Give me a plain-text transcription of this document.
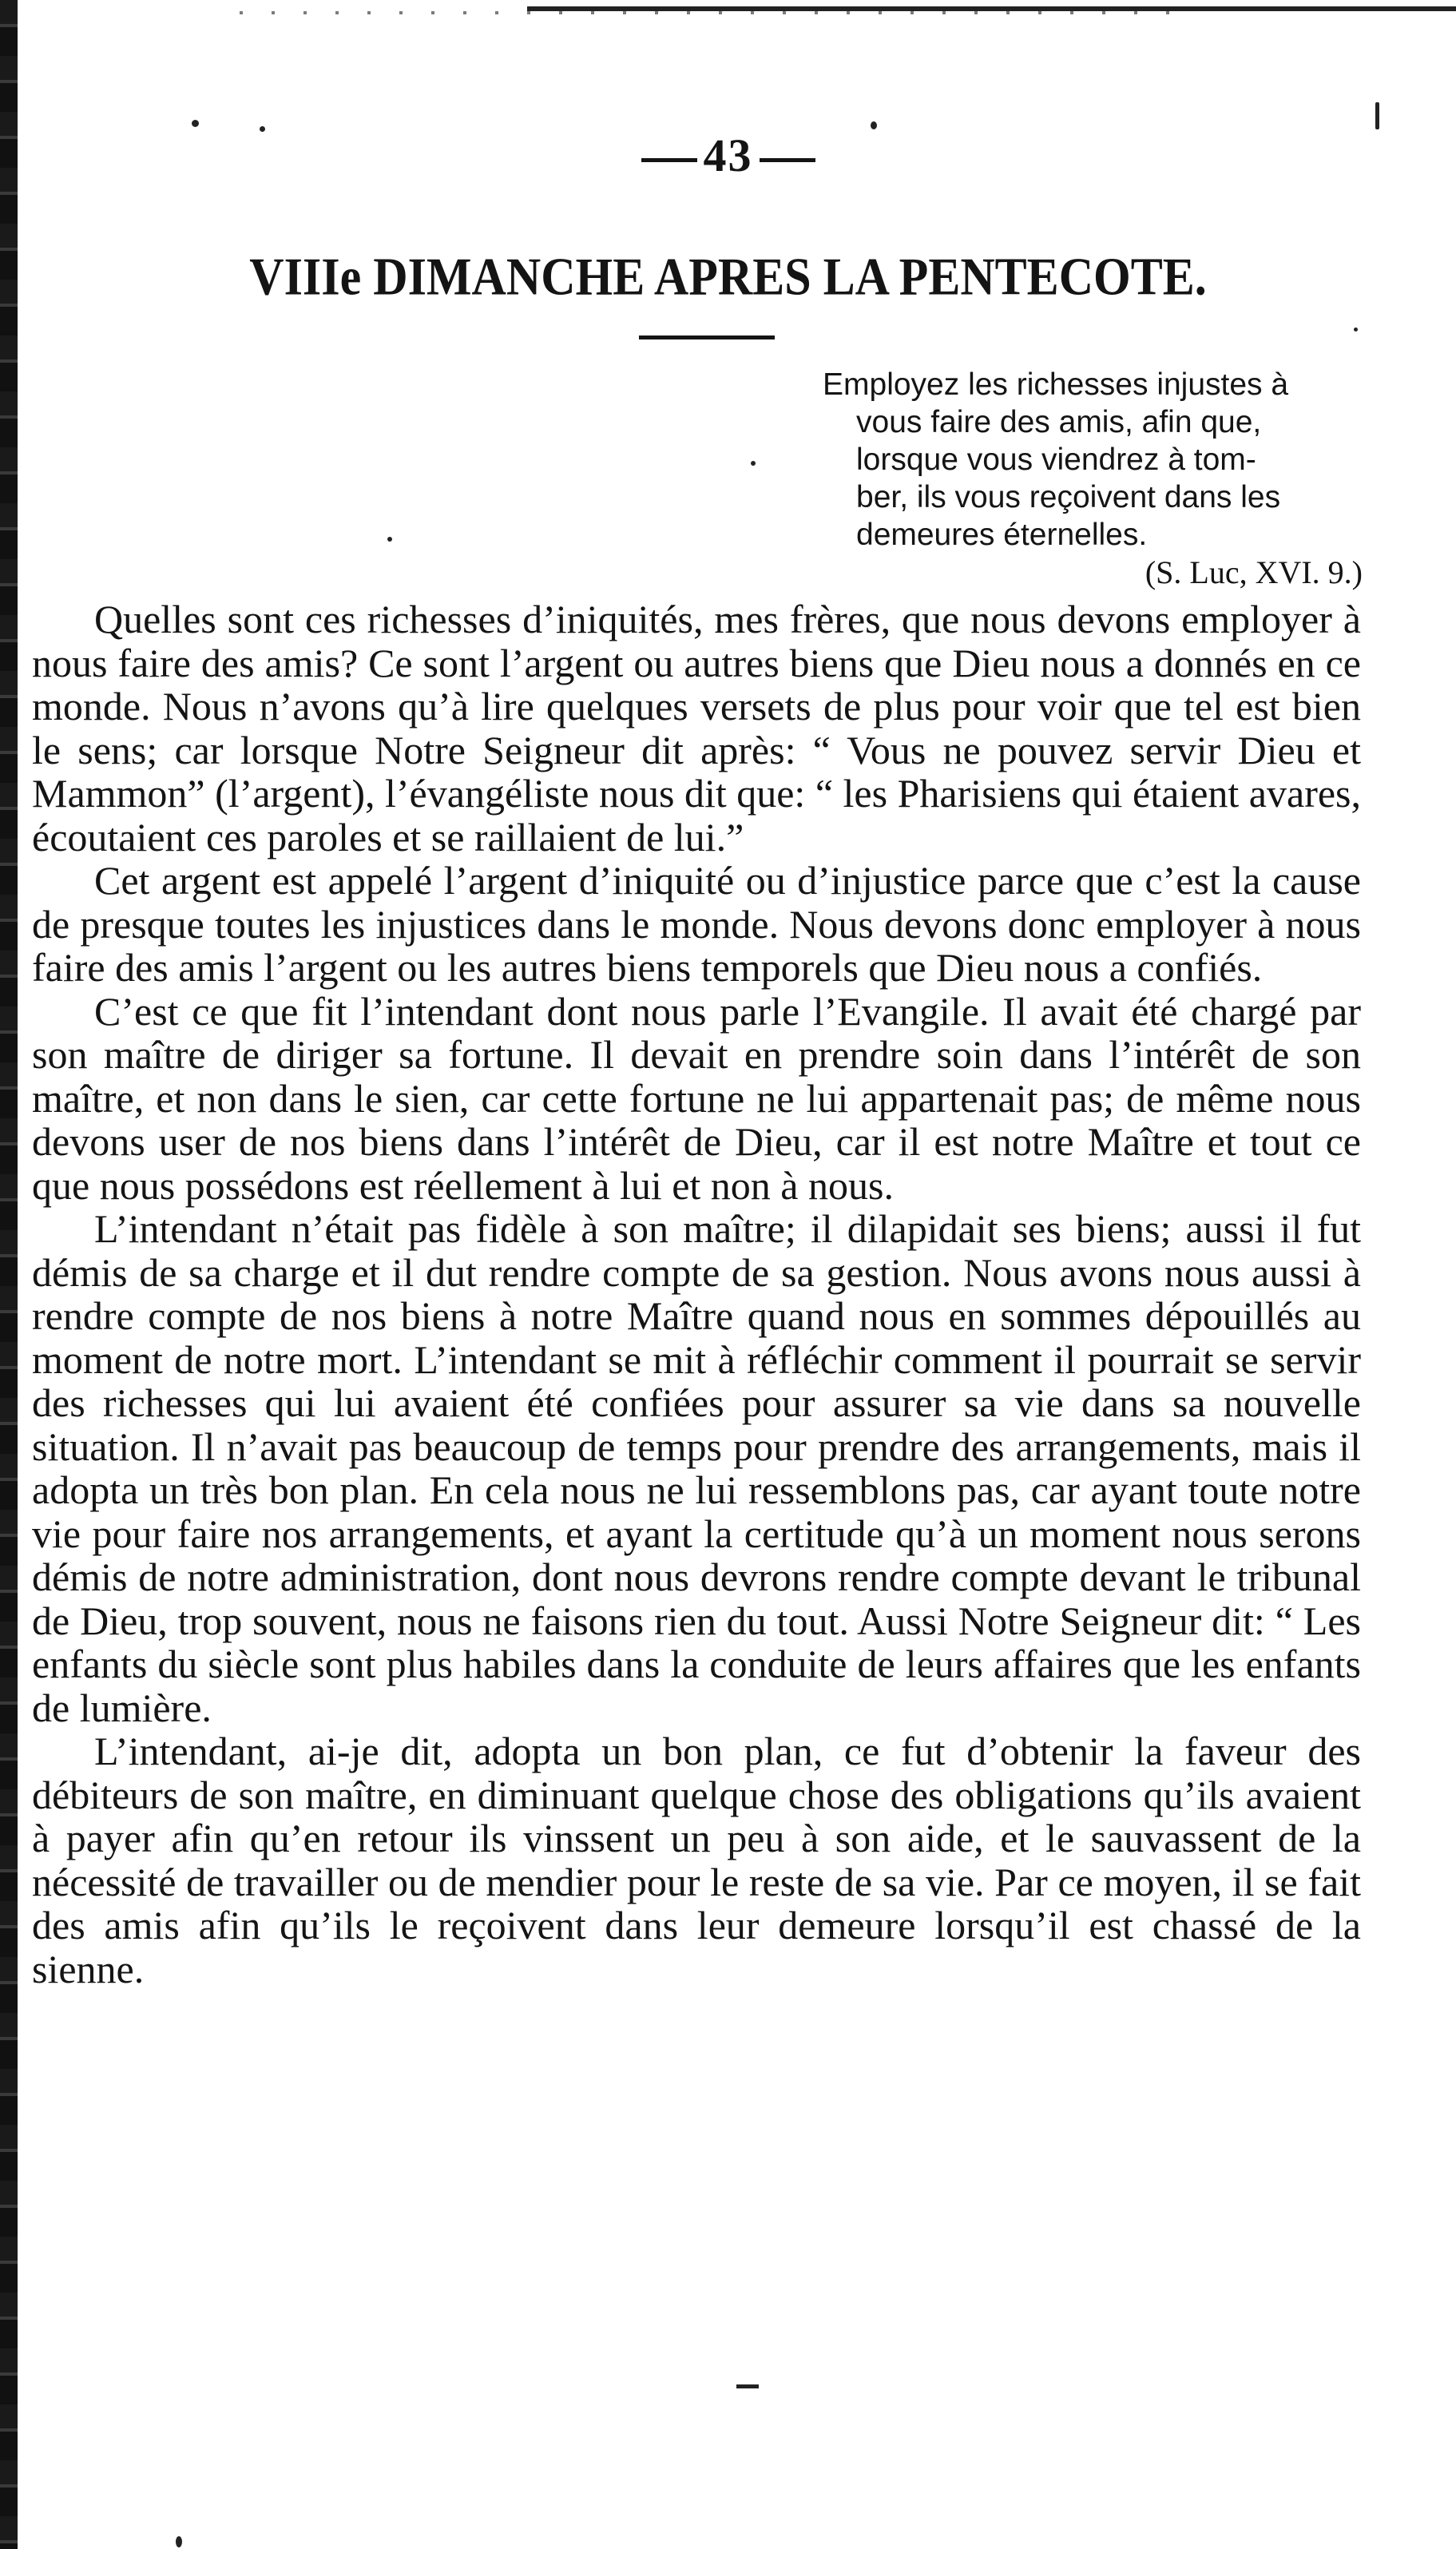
43
VIIIe DIMANCHE APRES LA PENTECOTE.
Employez les richesses injustes à
vous faire des amis, afin que,
lorsque vous viendrez à tom-
ber, ils vous reçoivent dans les
demeures éternelles.
(S. Luc, XVI. 9.)

Quelles sont ces richesses d’iniquités, mes frères, que nous devons employer à nous faire des amis? Ce sont l’argent ou autres biens que Dieu nous a donnés en ce monde. Nous n’avons qu’à lire quelques versets de plus pour voir que tel est bien le sens; car lorsque Notre Seigneur dit après: “ Vous ne pouvez servir Dieu et Mammon” (l’argent), l’évangéliste nous dit que: “ les Pharisiens qui étaient avares, écoutaient ces paroles et se raillaient de lui.”

Cet argent est appelé l’argent d’iniquité ou d’injustice parce que c’est la cause de presque toutes les injustices dans le monde. Nous devons donc employer à nous faire des amis l’argent ou les autres biens temporels que Dieu nous a confiés.

C’est ce que fit l’intendant dont nous parle l’Evangile. Il avait été chargé par son maître de diriger sa fortune. Il devait en prendre soin dans l’intérêt de son maître, et non dans le sien, car cette fortune ne lui appartenait pas; de même nous devons user de nos biens dans l’intérêt de Dieu, car il est notre Maître et tout ce que nous possédons est réellement à lui et non à nous.

L’intendant n’était pas fidèle à son maître; il dilapidait ses biens; aussi il fut démis de sa charge et il dut rendre compte de sa gestion. Nous avons nous aussi à rendre compte de nos biens à notre Maître quand nous en sommes dépouillés au moment de notre mort. L’intendant se mit à réfléchir comment il pourrait se servir des richesses qui lui avaient été confiées pour assurer sa vie dans sa nouvelle situation. Il n’avait pas beaucoup de temps pour prendre des arrangements, mais il adopta un très bon plan. En cela nous ne lui ressemblons pas, car ayant toute notre vie pour faire nos arrangements, et ayant la certitude qu’à un moment nous serons démis de notre administration, dont nous devrons rendre compte devant le tribunal de Dieu, trop souvent, nous ne faisons rien du tout. Aussi Notre Seigneur dit: “ Les enfants du siècle sont plus habiles dans la conduite de leurs affaires que les enfants de lumière.

L’intendant, ai-je dit, adopta un bon plan, ce fut d’obtenir la faveur des débiteurs de son maître, en diminuant quelque chose des obligations qu’ils avaient à payer afin qu’en retour ils vinssent un peu à son aide, et le sauvassent de la nécessité de travailler ou de mendier pour le reste de sa vie. Par ce moyen, il se fait des amis afin qu’ils le reçoivent dans leur demeure lorsqu’il est chassé de la sienne.
